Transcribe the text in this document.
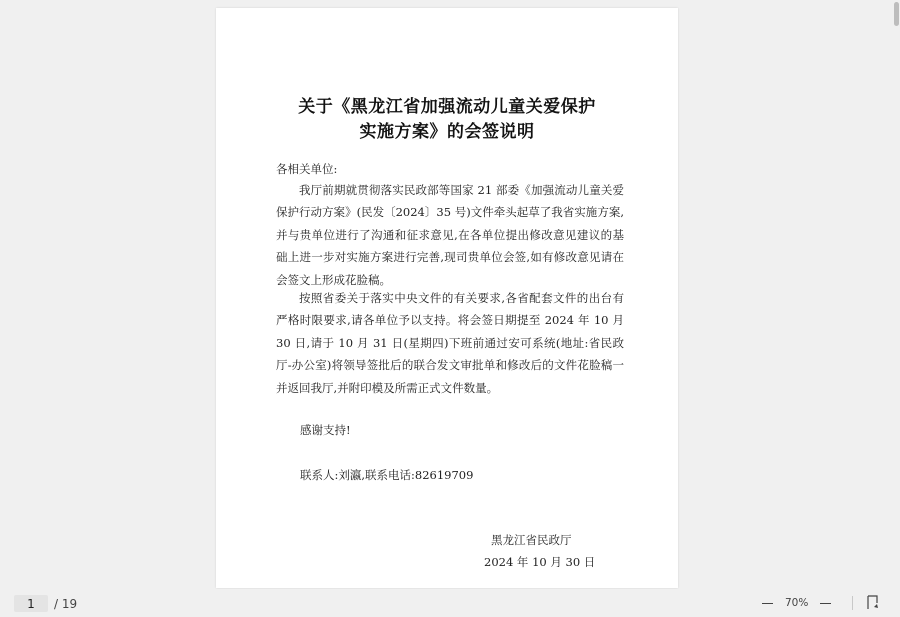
关于《黑龙江省加强流动儿童关爱保护
实施方案》的会签说明
各相关单位:

我厅前期就贯彻落实民政部等国家 21 部委《加强流动儿童关爱保护行动方案》(民发〔2024〕35 号)文件牵头起草了我省实施方案,并与贵单位进行了沟通和征求意见,在各单位提出修改意见建议的基础上进一步对实施方案进行完善,现司贵单位会签,如有修改意见请在会签文上形成花脸稿。

按照省委关于落实中央文件的有关要求,各省配套文件的出台有严格时限要求,请各单位予以支持。将会签日期提至 2024 年 10 月 30 日,请于 10 月 31 日(星期四)下班前通过安可系统(地址:省民政厅-办公室)将领导签批后的联合发文审批单和修改后的文件花脸稿一并返回我厅,并附印模及所需正式文件数量。

感谢支持!
联系人:刘瀛,联系电话:82619709
黑龙江省民政厅
2024 年 10 月 30 日
1
/ 19	70%
